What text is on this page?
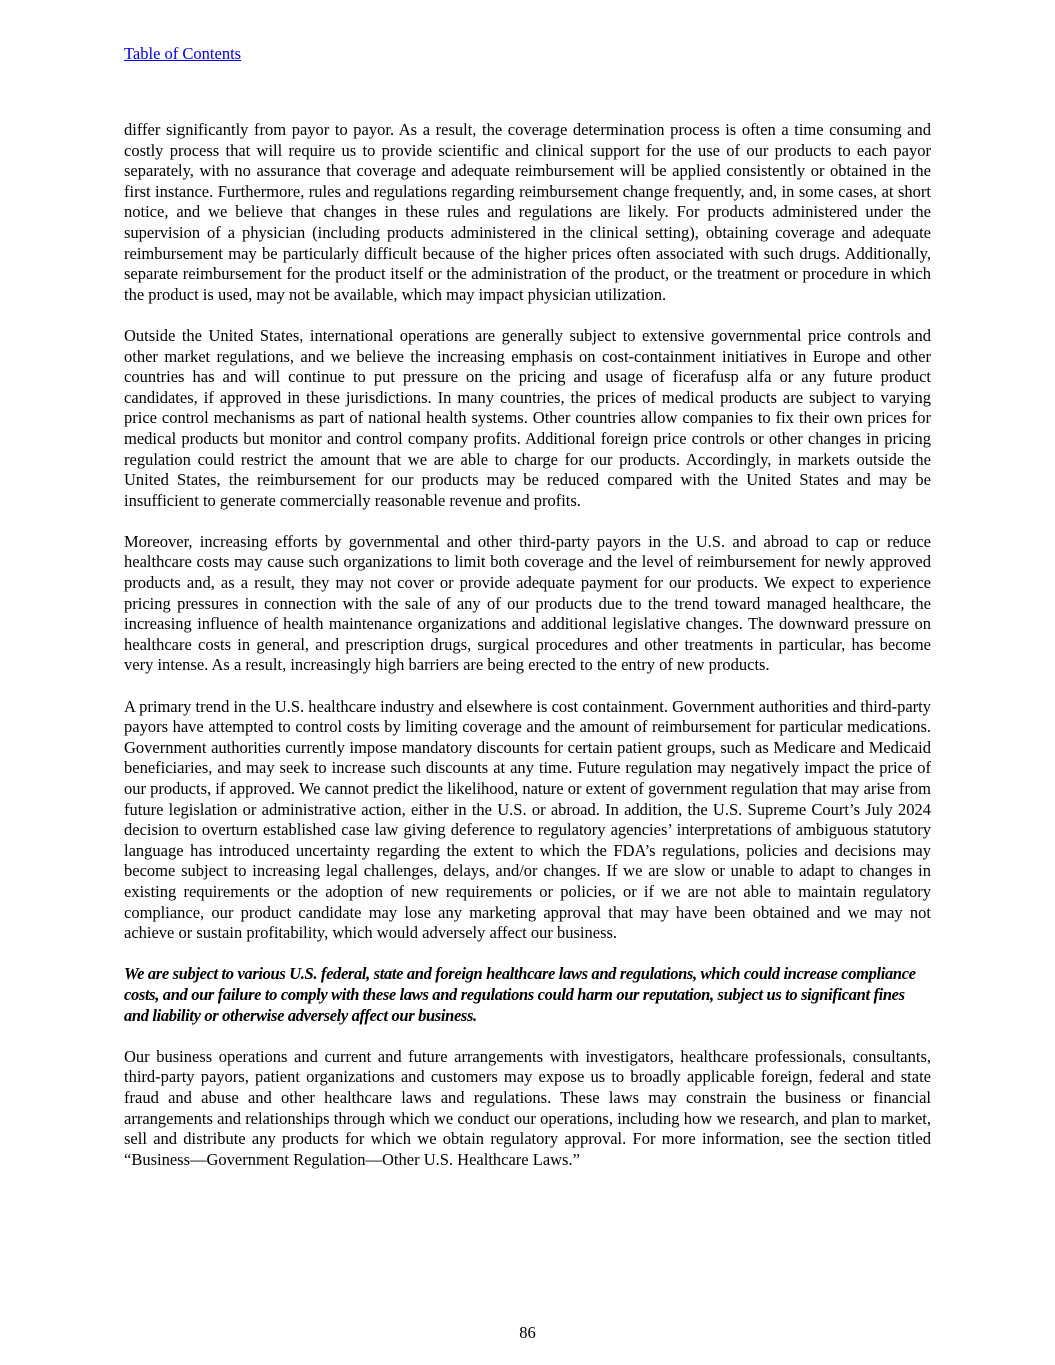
Table of Contents

differ significantly from payor to payor. As a result, the coverage determination process is often a time consuming and costly process that will require us to provide scientific and clinical support for the use of our products to each payor separately, with no assurance that coverage and adequate reimbursement will be applied consistently or obtained in the first instance. Furthermore, rules and regulations regarding reimbursement change frequently, and, in some cases, at short notice, and we believe that changes in these rules and regulations are likely. For products administered under the supervision of a physician (including products administered in the clinical setting), obtaining coverage and adequate reimbursement may be particularly difficult because of the higher prices often associated with such drugs. Additionally, separate reimbursement for the product itself or the administration of the product, or the treatment or procedure in which the product is used, may not be available, which may impact physician utilization.

Outside the United States, international operations are generally subject to extensive governmental price controls and other market regulations, and we believe the increasing emphasis on cost-containment initiatives in Europe and other countries has and will continue to put pressure on the pricing and usage of ficerafusp alfa or any future product candidates, if approved in these jurisdictions. In many countries, the prices of medical products are subject to varying price control mechanisms as part of national health systems. Other countries allow companies to fix their own prices for medical products but monitor and control company profits. Additional foreign price controls or other changes in pricing regulation could restrict the amount that we are able to charge for our products. Accordingly, in markets outside the United States, the reimbursement for our products may be reduced compared with the United States and may be insufficient to generate commercially reasonable revenue and profits.

Moreover, increasing efforts by governmental and other third-party payors in the U.S. and abroad to cap or reduce healthcare costs may cause such organizations to limit both coverage and the level of reimbursement for newly approved products and, as a result, they may not cover or provide adequate payment for our products. We expect to experience pricing pressures in connection with the sale of any of our products due to the trend toward managed healthcare, the increasing influence of health maintenance organizations and additional legislative changes. The downward pressure on healthcare costs in general, and prescription drugs, surgical procedures and other treatments in particular, has become very intense. As a result, increasingly high barriers are being erected to the entry of new products.

A primary trend in the U.S. healthcare industry and elsewhere is cost containment. Government authorities and third-party payors have attempted to control costs by limiting coverage and the amount of reimbursement for particular medications. Government authorities currently impose mandatory discounts for certain patient groups, such as Medicare and Medicaid beneficiaries, and may seek to increase such discounts at any time. Future regulation may negatively impact the price of our products, if approved. We cannot predict the likelihood, nature or extent of government regulation that may arise from future legislation or administrative action, either in the U.S. or abroad. In addition, the U.S. Supreme Court’s July 2024 decision to overturn established case law giving deference to regulatory agencies’ interpretations of ambiguous statutory language has introduced uncertainty regarding the extent to which the FDA’s regulations, policies and decisions may become subject to increasing legal challenges, delays, and/or changes. If we are slow or unable to adapt to changes in existing requirements or the adoption of new requirements or policies, or if we are not able to maintain regulatory compliance, our product candidate may lose any marketing approval that may have been obtained and we may not achieve or sustain profitability, which would adversely affect our business.

We are subject to various U.S. federal, state and foreign healthcare laws and regulations, which could increase compliance costs, and our failure to comply with these laws and regulations could harm our reputation, subject us to significant fines and liability or otherwise adversely affect our business.

Our business operations and current and future arrangements with investigators, healthcare professionals, consultants, third-party payors, patient organizations and customers may expose us to broadly applicable foreign, federal and state fraud and abuse and other healthcare laws and regulations. These laws may constrain the business or financial arrangements and relationships through which we conduct our operations, including how we research, and plan to market, sell and distribute any products for which we obtain regulatory approval. For more information, see the section titled “Business—Government Regulation—Other U.S. Healthcare Laws.”

86
